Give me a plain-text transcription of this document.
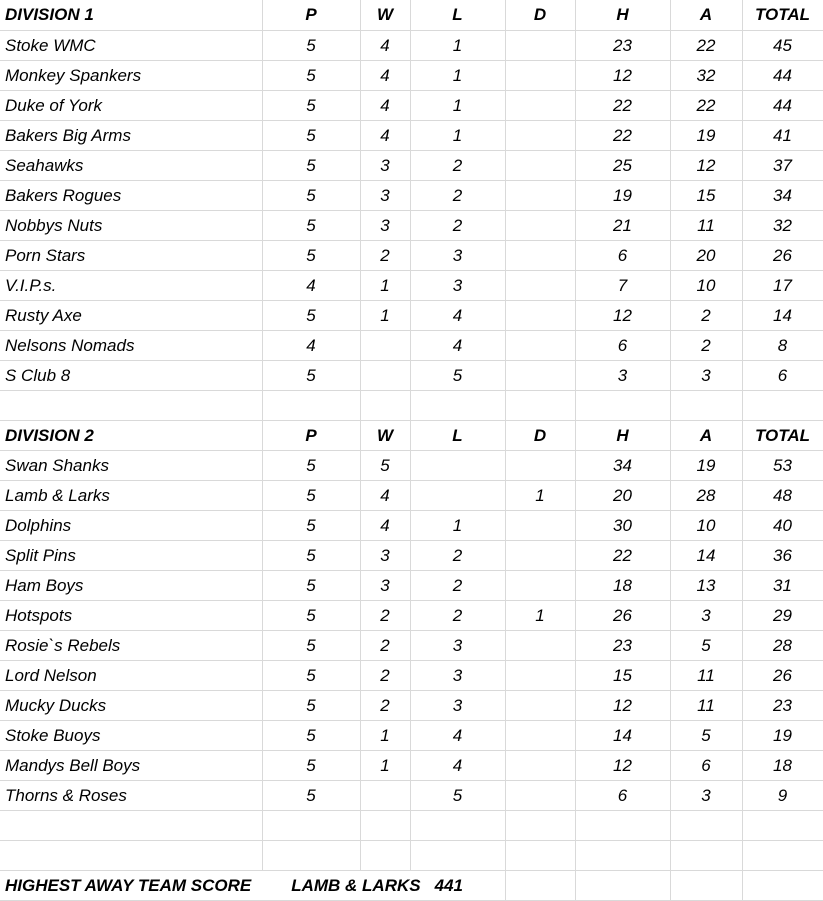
DIVISION 1	P	W	L	D	H	A	TOTAL
Stoke WMC	5	4	1		23	22	45
Monkey Spankers	5	4	1		12	32	44
Duke of York	5	4	1		22	22	44
Bakers Big Arms	5	4	1		22	19	41
Seahawks	5	3	2		25	12	37
Bakers Rogues	5	3	2		19	15	34
Nobbys Nuts	5	3	2		21	11	32
Porn Stars	5	2	3		6	20	26
V.I.P.s.	4	1	3		7	10	17
Rusty Axe	5	1	4		12	2	14
Nelsons Nomads	4		4		6	2	8
S Club 8	5		5		3	3	6

DIVISION 2	P	W	L	D	H	A	TOTAL
Swan Shanks	5	5			34	19	53
Lamb & Larks	5	4		1	20	28	48
Dolphins	5	4	1		30	10	40
Split Pins	5	3	2		22	14	36
Ham Boys	5	3	2		18	13	31
Hotspots	5	2	2	1	26	3	29
Rosie`s Rebels	5	2	3		23	5	28
Lord Nelson	5	2	3		15	11	26
Mucky Ducks	5	2	3		12	11	23
Stoke Buoys	5	1	4		14	5	19
Mandys Bell Boys	5	1	4		12	6	18
Thorns & Roses	5		5		6	3	9

HIGHEST AWAY TEAM SCORE LAMB & LARKS 441							
